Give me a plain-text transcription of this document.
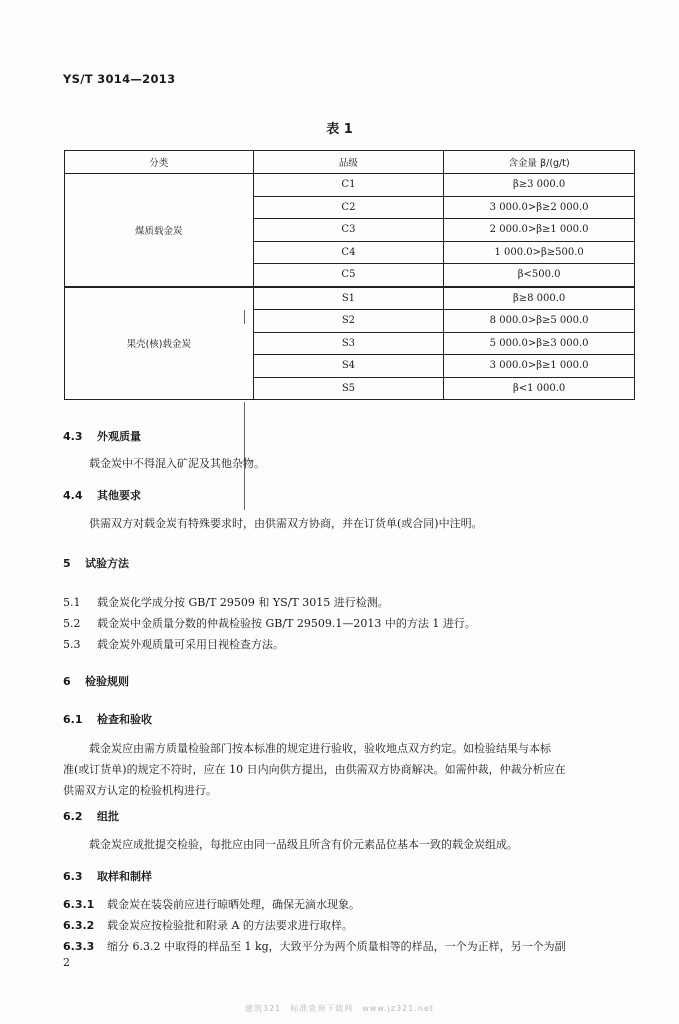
YS/T 3014—2013
表 1
分类	品级	含金量 β/(g/t)
煤质载金炭	C1	β≥3 000.0
	C2	3 000.0>β≥2 000.0
	C3	2 000.0>β≥1 000.0
	C4	1 000.0>β≥500.0
	C5	β<500.0
果壳(核)载金炭	S1	β≥8 000.0
	S2	8 000.0>β≥5 000.0
	S3	5 000.0>β≥3 000.0
	S4	3 000.0>β≥1 000.0
	S5	β<1 000.0
4.3 外观质量
载金炭中不得混入矿泥及其他杂物。
4.4 其他要求
供需双方对载金炭有特殊要求时，由供需双方协商，并在订货单(或合同)中注明。
5 试验方法
5.1 载金炭化学成分按 GB/T 29509 和 YS/T 3015 进行检测。
5.2 载金炭中金质量分数的仲裁检验按 GB/T 29509.1—2013 中的方法 1 进行。
5.3 载金炭外观质量可采用目视检查方法。
6 检验规则
6.1 检查和验收
载金炭应由需方质量检验部门按本标准的规定进行验收，验收地点双方约定。如检验结果与本标
准(或订货单)的规定不符时，应在 10 日内向供方提出，由供需双方协商解决。如需仲裁，仲裁分析应在
供需双方认定的检验机构进行。
6.2 组批
载金炭应成批提交检验，每批应由同一品级且所含有价元素品位基本一致的载金炭组成。
6.3 取样和制样
6.3.1 载金炭在装袋前应进行晾晒处理，确保无滴水现象。
6.3.2 载金炭应按检验批和附录 A 的方法要求进行取样。
6.3.3 缩分 6.3.2 中取得的样品至 1 kg，大致平分为两个质量相等的样品，一个为正样，另一个为副
2
建筑321　标准查询下载网　www.jz321.net
